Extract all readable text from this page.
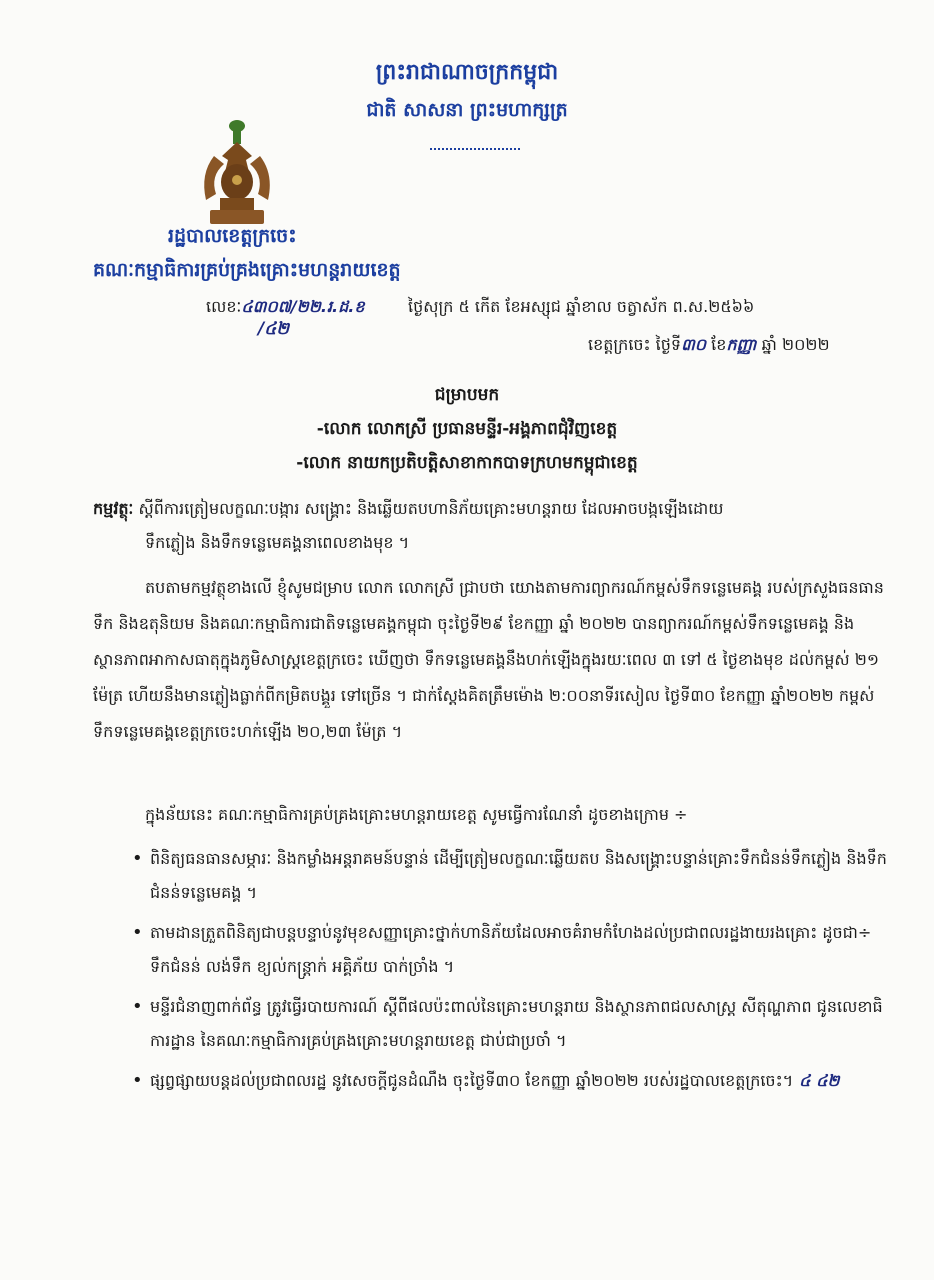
ព្រះរាជាណាចក្រកម្ពុជា
ជាតិ សាសនា ព្រះមហាក្សត្រ
រដ្ឋបាលខេត្តក្រចេះ
គណៈកម្មាធិការគ្រប់គ្រងគ្រោះមហន្តរាយខេត្ត
លេខៈ៤៣០៧/២២.រ.ដ.ខ
/៤២
ថ្ងៃសុក្រ ៥ កើត ខែអស្សុជ ឆ្នាំខាល ចត្វាស័ក ព.ស.២៥៦៦
ខេត្តក្រចេះ ថ្ងៃទី៣០ ខែកញ្ញា ឆ្នាំ ២០២២
ជម្រាបមក
-លោក លោកស្រី ប្រធានមន្ទីរ-អង្គភាពជុំវិញខេត្ត
-លោក នាយកប្រតិបត្តិសាខាកាកបាទក្រហមកម្ពុជាខេត្ត
កម្មវត្ថុៈ ស្តីពីការត្រៀមលក្ខណៈបង្ការ សង្គ្រោះ និងឆ្លើយតបហានិភ័យគ្រោះមហន្តរាយ ដែលអាចបង្កឡើងដោយ
ទឹកភ្លៀង និងទឹកទន្លេមេគង្គនាពេលខាងមុខ ។
តបតាមកម្មវត្ថុខាងលើ ខ្ញុំសូមជម្រាប លោក លោកស្រី ជ្រាបថា យោងតាមការព្យាករណ៍កម្ពស់ទឹកទន្លេមេគង្គ របស់ក្រសួងធនធានទឹក និងឧតុនិយម និងគណៈកម្មាធិការជាតិទន្លេមេគង្គកម្ពុជា ចុះថ្ងៃទី២៩ ខែកញ្ញា ឆ្នាំ ២០២២ បានព្យាករណ៍កម្ពស់ទឹកទន្លេមេគង្គ និងស្ថានភាពអាកាសធាតុក្នុងភូមិសាស្ត្រខេត្តក្រចេះ ឃើញថា ទឹកទន្លេមេគង្គនឹងហក់ឡើងក្នុងរយៈពេល ៣ ទៅ ៥ ថ្ងៃខាងមុខ ដល់កម្ពស់ ២១ ម៉ែត្រ ហើយនឹងមានភ្លៀងធ្លាក់ពីកម្រិតបង្គួរ ទៅច្រើន ។ ជាក់ស្តែងគិតត្រឹមម៉ោង ២:០០នាទីរសៀល ថ្ងៃទី៣០ ខែកញ្ញា ឆ្នាំ២០២២ កម្ពស់ទឹកទន្លេមេគង្គខេត្តក្រចេះហក់ឡើង ២០,២៣ ម៉ែត្រ ។
ក្នុងន័យនេះ គណៈកម្មាធិការគ្រប់គ្រងគ្រោះមហន្តរាយខេត្ត សូមធ្វើការណែនាំ ដូចខាងក្រោម ÷
• ពិនិត្យធនធានសម្ភារៈ និងកម្លាំងអន្តរាគមន៍បន្ទាន់ ដើម្បីត្រៀមលក្ខណៈឆ្លើយតប និងសង្គ្រោះបន្ទាន់គ្រោះទឹកជំនន់ទឹកភ្លៀង និងទឹកជំនន់ទន្លេមេគង្គ ។
• តាមដានត្រួតពិនិត្យជាបន្តបន្ទាប់នូវមុខសញ្ញាគ្រោះថ្នាក់ហានិភ័យដែលអាចគំរាមកំហែងដល់ប្រជាពលរដ្ឋងាយរងគ្រោះ ដូចជា÷ ទឹកជំនន់ លង់ទឹក ខ្យល់កន្ត្រាក់ អគ្គិភ័យ បាក់ច្រាំង ។
• មន្ទីរជំនាញពាក់ព័ន្ធ ត្រូវធ្វើរបាយការណ៍ ស្តីពីផលប៉ះពាល់នៃគ្រោះមហន្តរាយ និងស្ថានភាពជលសាស្ត្រ សីតុណ្ហភាព ជូនលេខាធិការដ្ឋាន នៃគណៈកម្មាធិការគ្រប់គ្រងគ្រោះមហន្តរាយខេត្ត ជាប់ជាប្រចាំ ។
• ផ្សព្វផ្សាយបន្តដល់ប្រជាពលរដ្ឋ នូវសេចក្តីជូនដំណឹង ចុះថ្ងៃទី៣០ ខែកញ្ញា ឆ្នាំ២០២២ របស់រដ្ឋបាលខេត្តក្រចេះ។ ៤ ៤២
